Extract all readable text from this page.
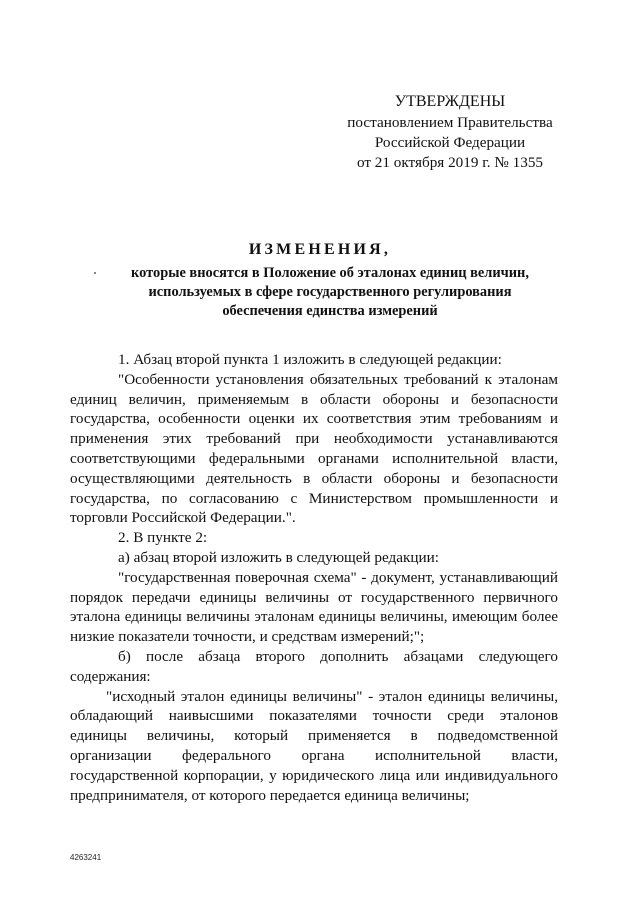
УТВЕРЖДЕНЫ
постановлением Правительства
Российской Федерации
от 21 октября 2019 г. № 1355
ИЗМЕНЕНИЯ,
которые вносятся в Положение об эталонах единиц величин,
используемых в сфере государственного регулирования
обеспечения единства измерений

1. Абзац второй пункта 1 изложить в следующей редакции:

"Особенности установления обязательных требований к эталонам единиц величин, применяемым в области обороны и безопасности государства, особенности оценки их соответствия этим требованиям и применения этих требований при необходимости устанавливаются соответствующими федеральными органами исполнительной власти, осуществляющими деятельность в области обороны и безопасности государства, по согласованию с Министерством промышленности и торговли Российской Федерации.".

2. В пункте 2:

а) абзац второй изложить в следующей редакции:

"государственная поверочная схема" - документ, устанавливающий порядок передачи единицы величины от государственного первичного эталона единицы величины эталонам единицы величины, имеющим более низкие показатели точности, и средствам измерений;";

б) после абзаца второго дополнить абзацами следующего содержания:

"исходный эталон единицы величины" - эталон единицы величины, обладающий наивысшими показателями точности среди эталонов единицы величины, который применяется в подведомственной организации федерального органа исполнительной власти, государственной корпорации, у юридического лица или индивидуального предпринимателя, от которого передается единица величины;

4263241
